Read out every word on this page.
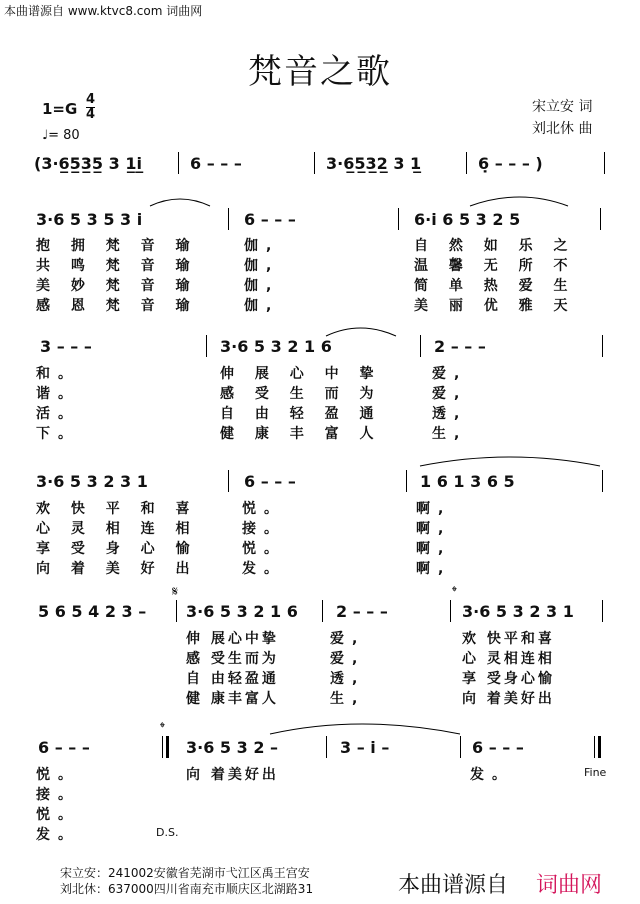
本曲谱源自 www.ktvc8.com 词曲网
梵音之歌
1=G
4
4
♩= 80
宋立安 词
刘北休 曲
(3·6̲5̲3̲5̲ 3 1̲i̲	6 – – –	3·6̲5̲3̲2̲ 3 1̲	6̣ – – – )
3·6 5 3 5 3 i	6 – – –	6·i 6 5 3 2 5
抱 拥 梵 音 瑜	伽,	自 然 如 乐 之
共 鸣 梵 音 瑜	伽,	温 馨 无 所 不
美 妙 梵 音 瑜	伽,	简 单 热 爱 生
感 恩 梵 音 瑜	伽,	美 丽 优 雅 天
3 – – –	3·6 5 3 2 1 6	2 – – –
和。	伸 展 心 中 挚	爱,
谐。	感 受 生 而 为	爱,
活。	自 由 轻 盈 通	透,
下。	健 康 丰 富 人	生,
3·6 5 3 2 3 1	6 – – –	1 6 1 3 6 5
欢 快 平 和 喜	悦。	啊,
心 灵 相 连 相	接。	啊,
享 受 身 心 愉	悦。	啊,
向 着 美 好 出	发。	啊,
𝄋	𝄌
5 6 5 4 2 3 – 3·6 5 3 2 1 6 2 – – –	3·6 5 3 2 3 1
伸 展心中挚	爱,	欢 快平和喜
感 受生而为	爱,	心 灵相连相
自 由轻盈通	透,	享 受身心愉
健 康丰富人	生,	向 着美好出
𝄌
6 – – –	3·6 5 3 2 –	3 – i –	6 – – –
Fine
D.S.
悦。	向 着美好出	发。
接。
悦。
发。
宋立安：241002安徽省芜湖市弋江区禹王宫安
刘北休：637000四川省南充市顺庆区北湖路31	本曲谱源自 词曲网
